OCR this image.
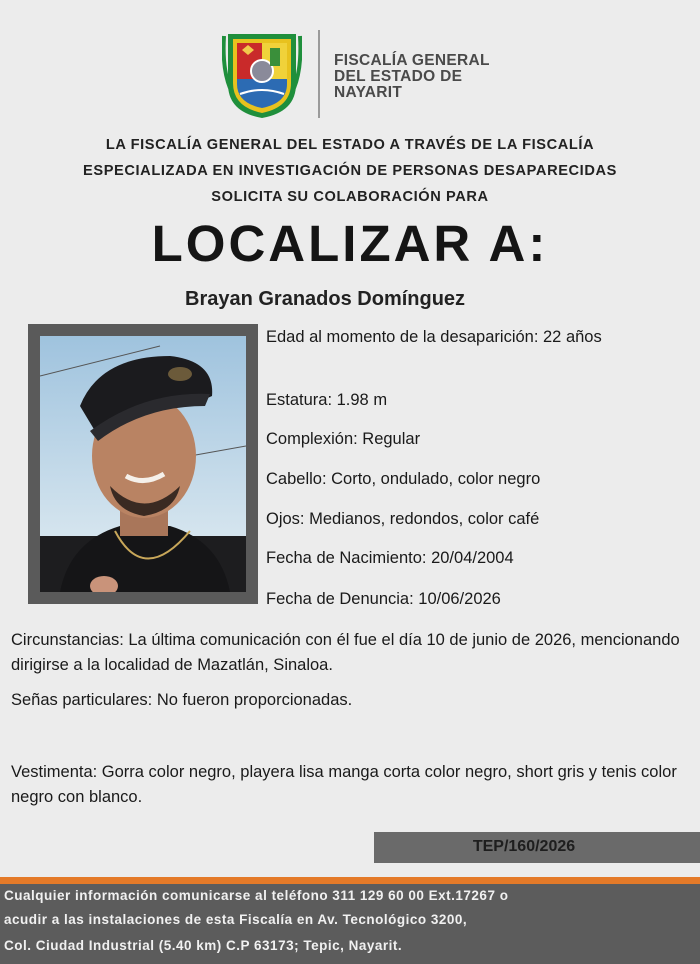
FISCALÍA GENERAL
DEL ESTADO DE
NAYARIT
LA FISCALÍA GENERAL DEL ESTADO A TRAVÉS DE LA FISCALÍA
ESPECIALIZADA EN INVESTIGACIÓN DE PERSONAS DESAPARECIDAS
SOLICITA SU COLABORACIÓN PARA
LOCALIZAR A:
Brayan Granados Domínguez
Edad al momento de la desaparición: 22 años
Estatura: 1.98 m
Complexión: Regular
Cabello: Corto, ondulado, color negro
Ojos: Medianos, redondos, color café
Fecha de Nacimiento: 20/04/2004
Fecha de Denuncia: 10/06/2026
Circunstancias: La última comunicación con él fue el día 10 de junio de 2026, mencionando dirigirse a la localidad de Mazatlán, Sinaloa.
Señas particulares: No fueron proporcionadas.
Vestimenta: Gorra color negro, playera lisa manga corta color negro, short gris y tenis color negro con blanco.
TEP/160/2026
Cualquier información comunicarse al teléfono 311 129 60 00 Ext.17267 o
acudir a las instalaciones de esta Fiscalía en Av. Tecnológico 3200,
Col. Ciudad Industrial (5.40 km) C.P 63173; Tepic, Nayarit.
